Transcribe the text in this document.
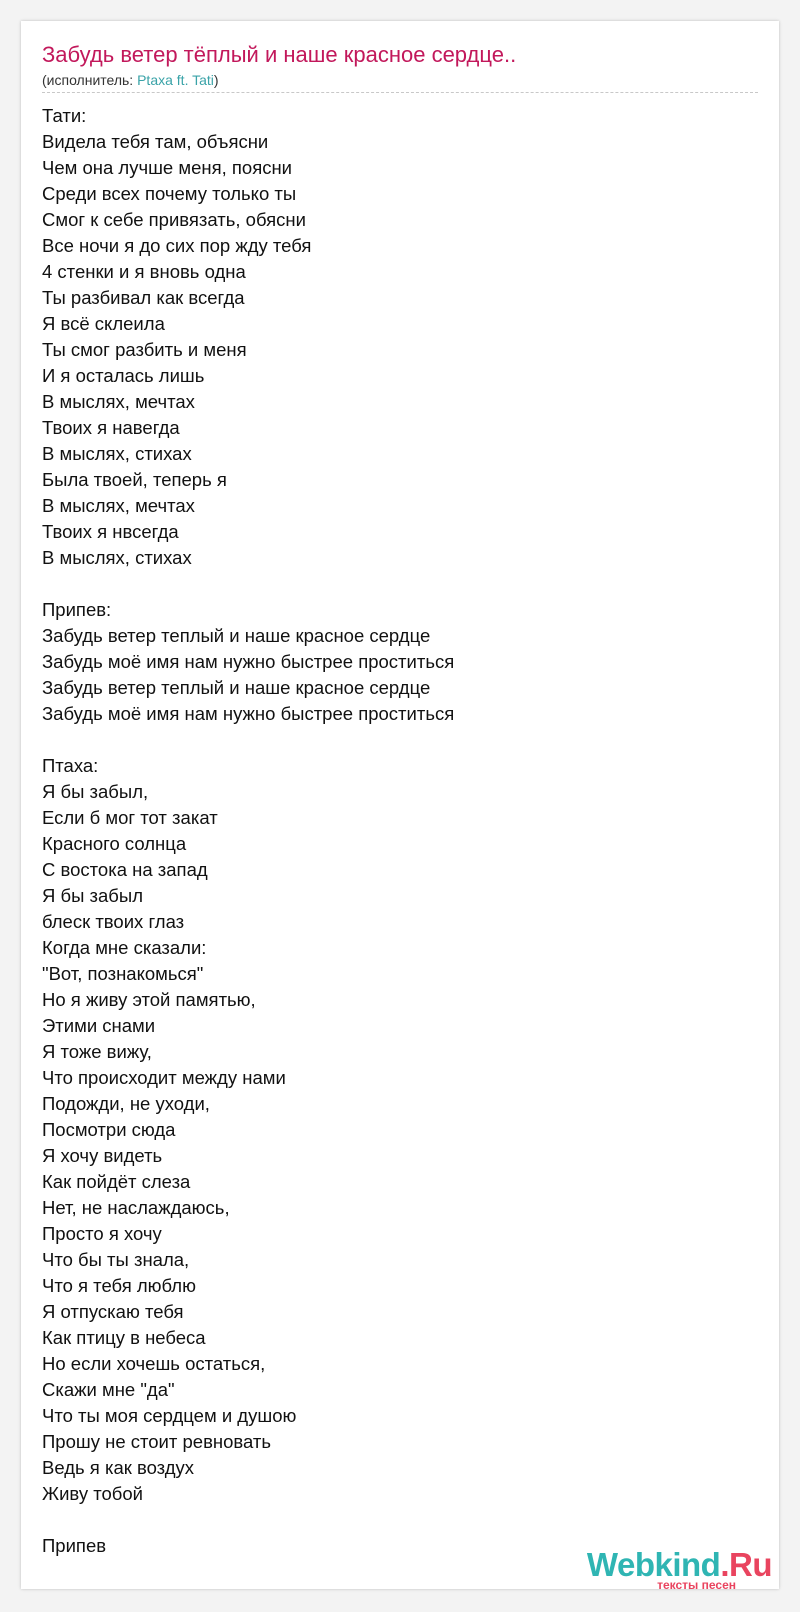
Забудь ветер тёплый и наше красное сердце..
(исполнитель: Ptaxa ft. Tati)
Тати:
Видела тебя там, объясни
Чем она лучше меня, поясни
Среди всех почему только ты
Смог к себе привязать, обясни
Все ночи я до сих пор жду тебя
4 стенки и я вновь одна
Ты разбивал как всегда
Я всё склеила
Ты смог разбить и меня
И я осталась лишь
В мыслях, мечтах
Твоих я навегда
В мыслях, стихах
Была твоей, теперь я
В мыслях, мечтах
Твоих я нвсегда
В мыслях, стихах
Припев:
Забудь ветер теплый и наше красное сердце
Забудь моё имя нам нужно быстрее проститься
Забудь ветер теплый и наше красное сердце
Забудь моё имя нам нужно быстрее проститься
Птаха:
Я бы забыл,
Если б мог тот закат
Красного солнца
С востока на запад
Я бы забыл
блеск твоих глаз
Когда мне сказали:
"Вот, познакомься"
Но я живу этой памятью,
Этими снами
Я тоже вижу,
Что происходит между нами
Подожди, не уходи,
Посмотри сюда
Я хочу видеть
Как пойдёт слеза
Нет, не наслаждаюсь,
Просто я хочу
Что бы ты знала,
Что я тебя люблю
Я отпускаю тебя
Как птицу в небеса
Но если хочешь остаться,
Скажи мне "да"
Что ты моя сердцем и душою
Прошу не стоит ревновать
Ведь я как воздух
Живу тобой
Припев
Webkind.Ru
тексты песен
